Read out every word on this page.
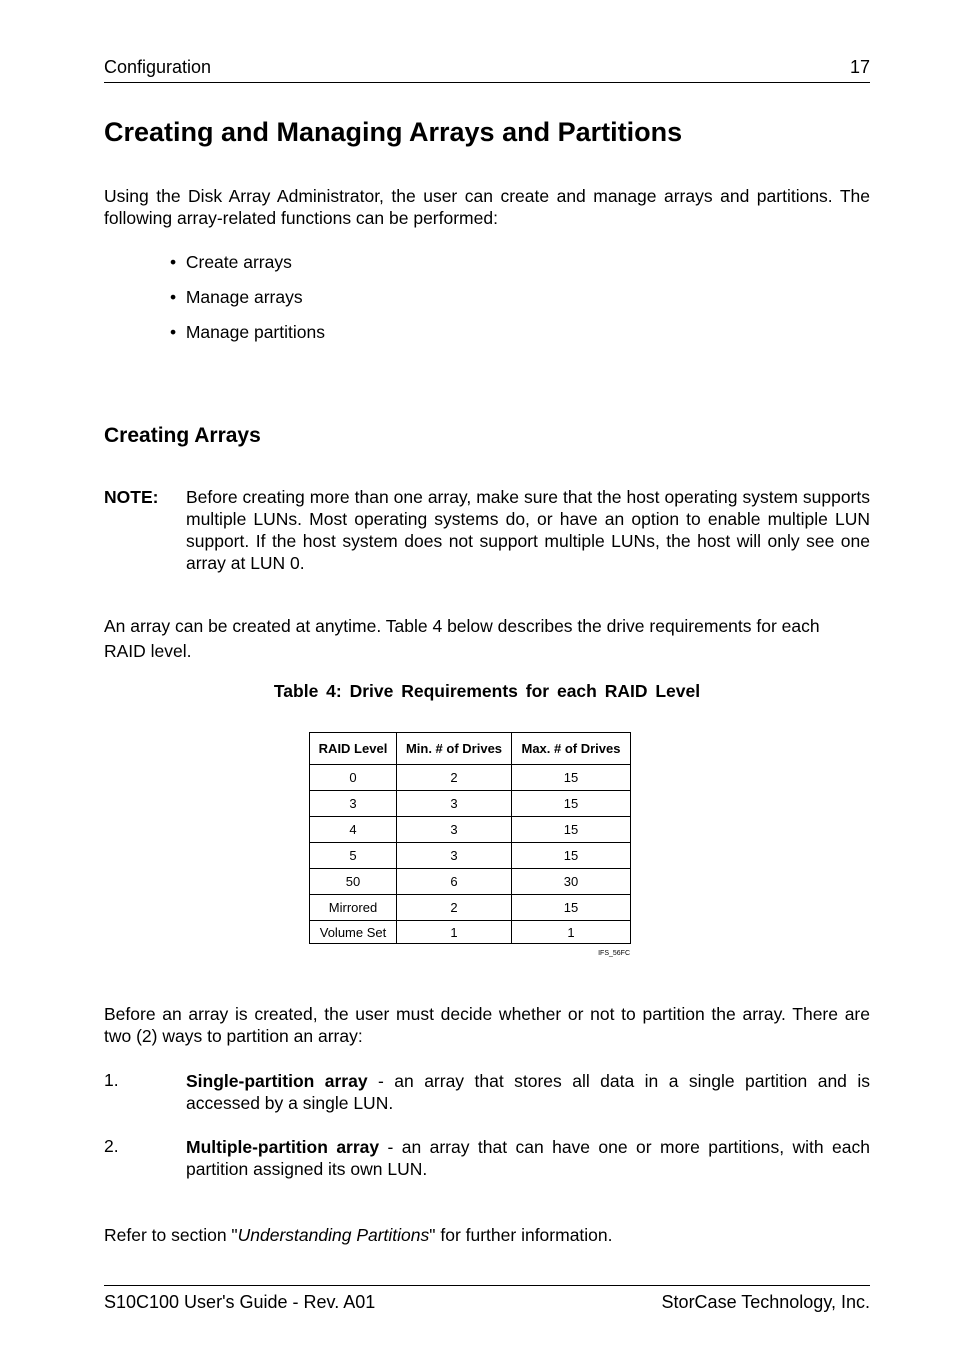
Configuration	17
Creating and Managing Arrays and Partitions
Using the Disk Array Administrator, the user can create and manage arrays and partitions. The following array-related functions can be performed:
•  Create arrays
•  Manage arrays
•  Manage partitions
Creating Arrays
NOTE: Before creating more than one array, make sure that the host operating system supports multiple LUNs. Most operating systems do, or have an option to enable multiple LUN support. If the host system does not support multiple LUNs, the host will only see one array at LUN 0.
An array can be created at anytime. Table 4 below describes the drive requirements for each
RAID level.
Table 4: Drive Requirements for each RAID Level
RAID Level	Min. # of Drives	Max. # of Drives
0	2	15
3	3	15
4	3	15
5	3	15
50	6	30
Mirrored	2	15
Volume Set	1	1
IFS_56FC
Before an array is created, the user must decide whether or not to partition the array. There are two (2) ways to partition an array:
1.	Single-partition array - an array that stores all data in a single partition and is accessed by a single LUN.
2.	Multiple-partition array - an array that can have one or more partitions, with each partition assigned its own LUN.
Refer to section "Understanding Partitions" for further information.
S10C100 User's Guide - Rev. A01	StorCase Technology, Inc.
